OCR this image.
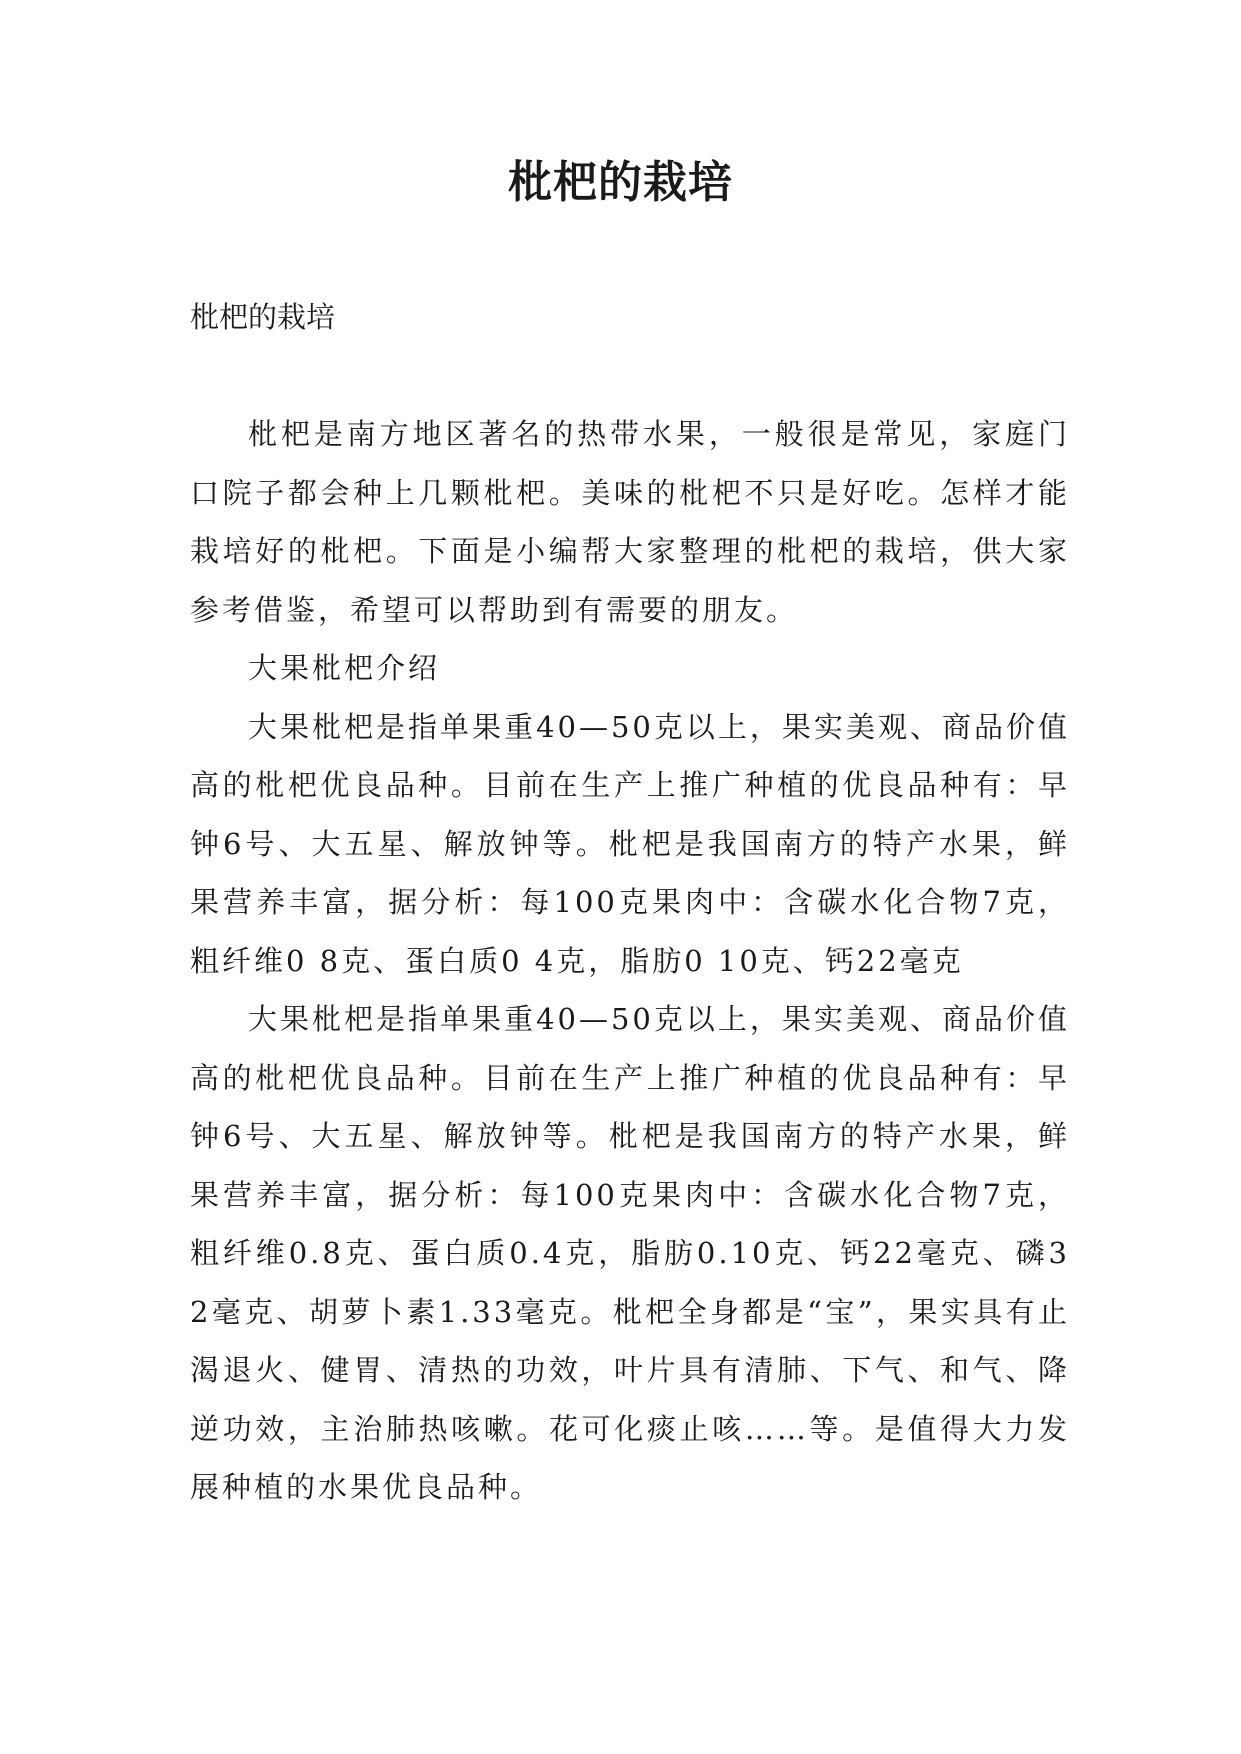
枇杷的栽培

枇杷的栽培

枇杷是南方地区著名的热带水果，一般很是常见，家庭门口院子都会种上几颗枇杷。美味的枇杷不只是好吃。怎样才能栽培好的枇杷。下面是小编帮大家整理的枇杷的栽培，供大家参考借鉴，希望可以帮助到有需要的朋友。

大果枇杷介绍

大果枇杷是指单果重40—50克以上，果实美观、商品价值高的枇杷优良品种。目前在生产上推广种植的优良品种有：早钟6号、大五星、解放钟等。枇杷是我国南方的特产水果，鲜果营养丰富，据分析：每100克果肉中：含碳水化合物7克，粗纤维0 8克、蛋白质0 4克，脂肪0 10克、钙22毫克

大果枇杷是指单果重40—50克以上，果实美观、商品价值高的枇杷优良品种。目前在生产上推广种植的优良品种有：早钟6号、大五星、解放钟等。枇杷是我国南方的特产水果，鲜果营养丰富，据分析：每100克果肉中：含碳水化合物7克，粗纤维0.8克、蛋白质0.4克，脂肪0.10克、钙22毫克、磷32毫克、胡萝卜素1.33毫克。枇杷全身都是“宝”，果实具有止渴退火、健胃、清热的功效，叶片具有清肺、下气、和气、降逆功效，主治肺热咳嗽。花可化痰止咳……等。是值得大力发展种植的水果优良品种。
